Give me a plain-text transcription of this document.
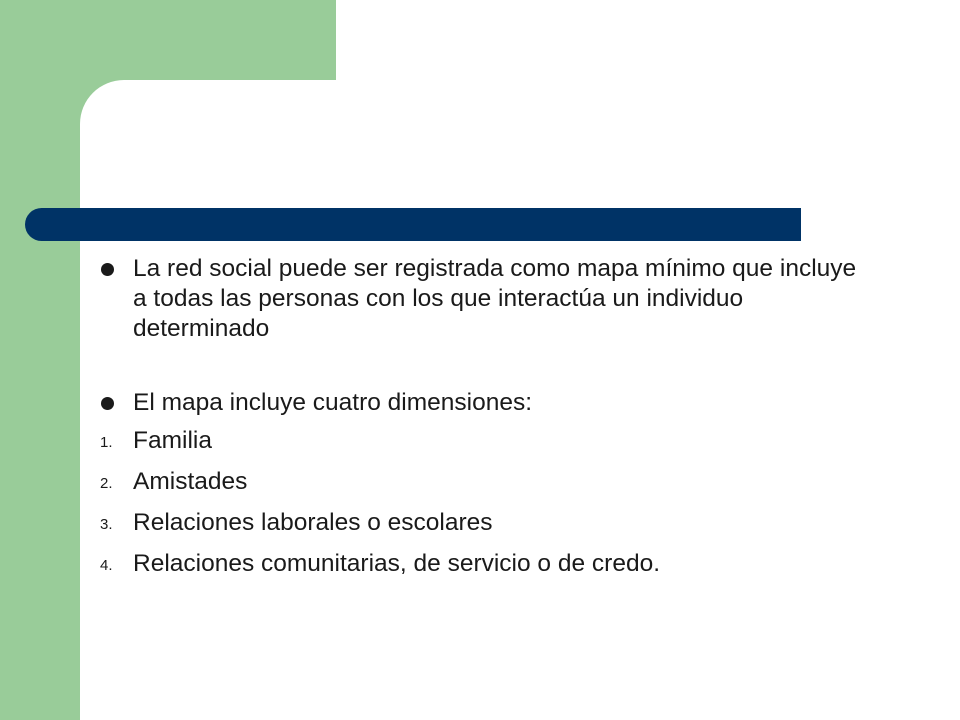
La red social puede ser registrada como mapa mínimo que incluye a todas las personas con los que interactúa un individuo determinado
El mapa incluye cuatro dimensiones:
1. Familia
2. Amistades
3. Relaciones laborales o escolares
4. Relaciones comunitarias, de servicio o de credo.
